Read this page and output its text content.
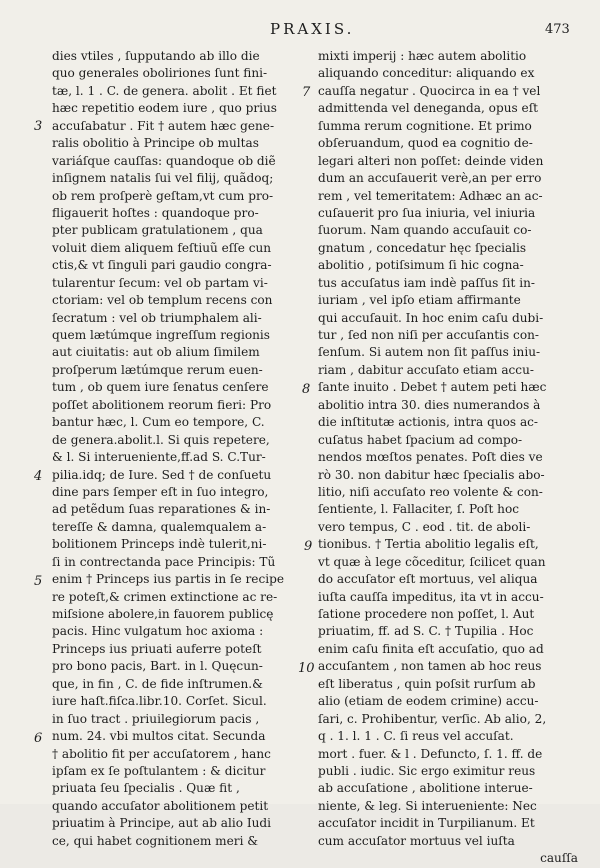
PRAXIS.	473
3
4
5
6
7
8
9
10
dies vtiles , ſupputando ab illo die
quo generales oboliriones ſunt fini-
tæ, l. 1 . C. de genera. abolit . Et fiet
hæc repetitio eodem iure , quo prius
accuſabatur . Fit † autem hæc gene-
ralis obolitio à Principe ob multas
variáſque cauſſas: quandoque ob diẽ
inſignem natalis ſui vel filij, quãdoq;
ob rem proſperè geſtam,vt cum pro-
fligauerit hoſtes : quandoque pro-
pter publicam gratulationem , qua
voluit diem aliquem feſtiuũ eſſe cun
ctis,& vt ſinguli pari gaudio congra-
tularentur ſecum: vel ob partam vi-
ctoriam: vel ob templum recens con
ſecratum : vel ob triumphalem ali-
quem lætúmque ingreſſum regionis
aut ciuitatis: aut ob alium ſimilem
proſperum lætúmque rerum euen-
tum , ob quem iure ſenatus cenſere
poſſet abolitionem reorum fieri: Pro
bantur hæc, l. Cum eo tempore, C.
de genera.abolit.l. Si quis repetere,
& l. Si interueniente,ff.ad S. C.Tur-
pilia.idq; de Iure. Sed † de conſuetu
dine pars ſemper eſt in ſuo integro,
ad petẽdum ſuas reparationes & in-
tereſſe & damna, qualemqualem a-
bolitionem Princeps indè tulerit,ni-
ſi in contrectanda pace Principis: Tũ
enim † Princeps ius partis in ſe recipe
re poteſt,& crimen extinctione ac re-
miſsione abolere,in fauorem publicę
pacis. Hinc vulgatum hoc axioma :
Princeps ius priuati auferre poteſt
pro bono pacis, Bart. in l. Quęcun-
que, in fin , C. de fide inſtrumen.&
iure haſt.fiſca.libr.10. Corſet. Sicul.
in ſuo tract . priuilegiorum pacis ,
num. 24. vbi multos citat. Secunda
† abolitio fit per accuſatorem , hanc
ipſam ex ſe poſtulantem : & dicitur
priuata ſeu ſpecialis . Quæ fit ,
quando accuſator abolitionem petit
priuatim à Principe, aut ab alio Iudi
ce, qui habet cognitionem meri &
mixti imperij : hæc autem abolitio
aliquando conceditur: aliquando ex
cauſſa negatur . Quocirca in ea † vel
admittenda vel deneganda, opus eſt
ſumma rerum cognitione. Et primo
obſeruandum, quod ea cognitio de-
legari alteri non poſſet: deinde viden
dum an accuſauerit verè,an per erro
rem , vel temeritatem: Adhæc an ac-
cuſauerit pro ſua iniuria, vel iniuria
ſuorum. Nam quando accuſauit co-
gnatum , concedatur hęc ſpecialis
abolitio , potiſsimum ſi hic cogna-
tus accuſatus iam indè paſſus ſit in-
iuriam , vel ipſo etiam affirmante
qui accuſauit. In hoc enim caſu dubi-
tur , ſed non niſi per accuſantis con-
ſenſum. Si autem non ſit paſſus iniu-
riam , dabitur accuſato etiam accu-
ſante inuito . Debet † autem peti hæc
abolitio intra 30. dies numerandos à
die inſtitutæ actionis, intra quos ac-
cuſatus habet ſpacium ad compo-
nendos mœſtos penates. Poſt dies ve
rò 30. non dabitur hæc ſpecialis abo-
litio, niſi accuſato reo volente & con-
ſentiente, l. Fallaciter, ſ. Poſt hoc
vero tempus, C . eod . tit. de aboli-
tionibus. † Tertia abolitio legalis eſt,
vt quæ à lege cõceditur, ſcilicet quan
do accuſator eſt mortuus, vel aliqua
iuſta cauſſa impeditus, ita vt in accu-
ſatione procedere non poſſet, l. Aut
priuatim, ff. ad S. C. † Tupilia . Hoc
enim caſu finita eſt accuſatio, quo ad
accuſantem , non tamen ab hoc reus
eſt liberatus , quin poſsit rurſum ab
alio (etiam de eodem crimine) accu-
ſari, c. Prohibentur, verſic. Ab alio, 2,
q . 1. l. 1 . C. ſi reus vel accuſat.
mort . fuer. & l . Defuncto, ſ. 1. ff. de
publi . iudic. Sic ergo eximitur reus
ab accuſatione , abolitione interue-
niente, & leg. Si interueniente: Nec
accuſator incidit in Turpilianum. Et
cum accuſator mortuus vel iuſta
cauſſa
